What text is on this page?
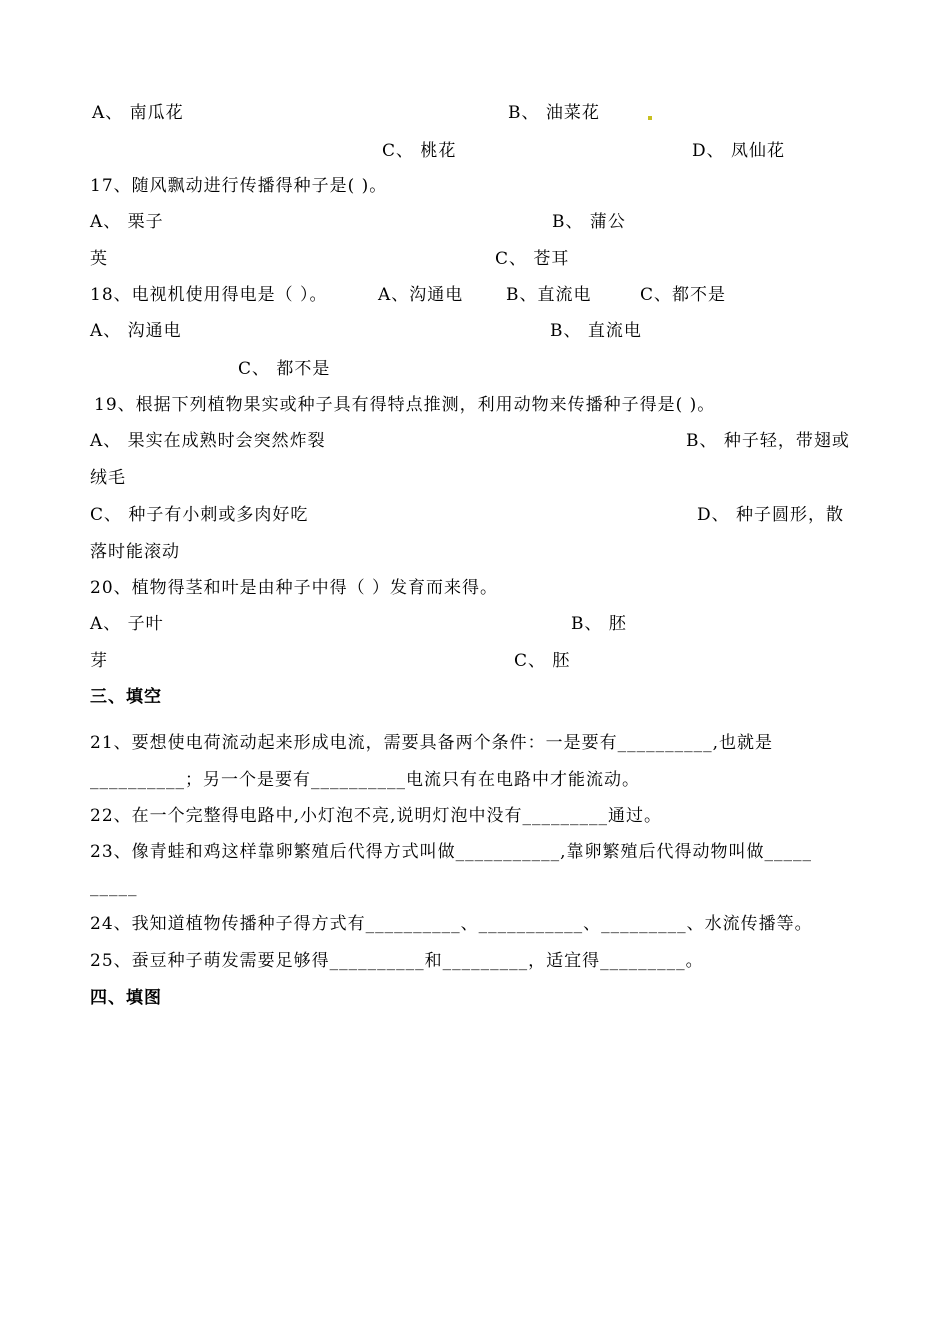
A、 南瓜花	B、 油菜花
C、 桃花	D、 凤仙花
17、随风飘动进行传播得种子是( )。
A、 栗子	B、 蒲公
英	C、 苍耳
18、电视机使用得电是（ ）。	A、沟通电	B、直流电	C、都不是
A、 沟通电	B、 直流电
C、 都不是
19、根据下列植物果实或种子具有得特点推测，利用动物来传播种子得是( )。
A、 果实在成熟时会突然炸裂	B、 种子轻，带翅或
绒毛
C、 种子有小刺或多肉好吃	D、 种子圆形，散
落时能滚动
20、植物得茎和叶是由种子中得（ ）发育而来得。
A、 子叶	B、 胚
芽	C、 胚
三、填空
21、要想使电荷流动起来形成电流，需要具备两个条件：一是要有__________,也就是
__________；另一个是要有__________电流只有在电路中才能流动。
22、在一个完整得电路中,小灯泡不亮,说明灯泡中没有_________通过。
23、像青蛙和鸡这样靠卵繁殖后代得方式叫做___________,靠卵繁殖后代得动物叫做_____
_____
24、我知道植物传播种子得方式有__________、___________、_________、水流传播等。
25、蚕豆种子萌发需要足够得__________和_________，适宜得_________。
四、填图
